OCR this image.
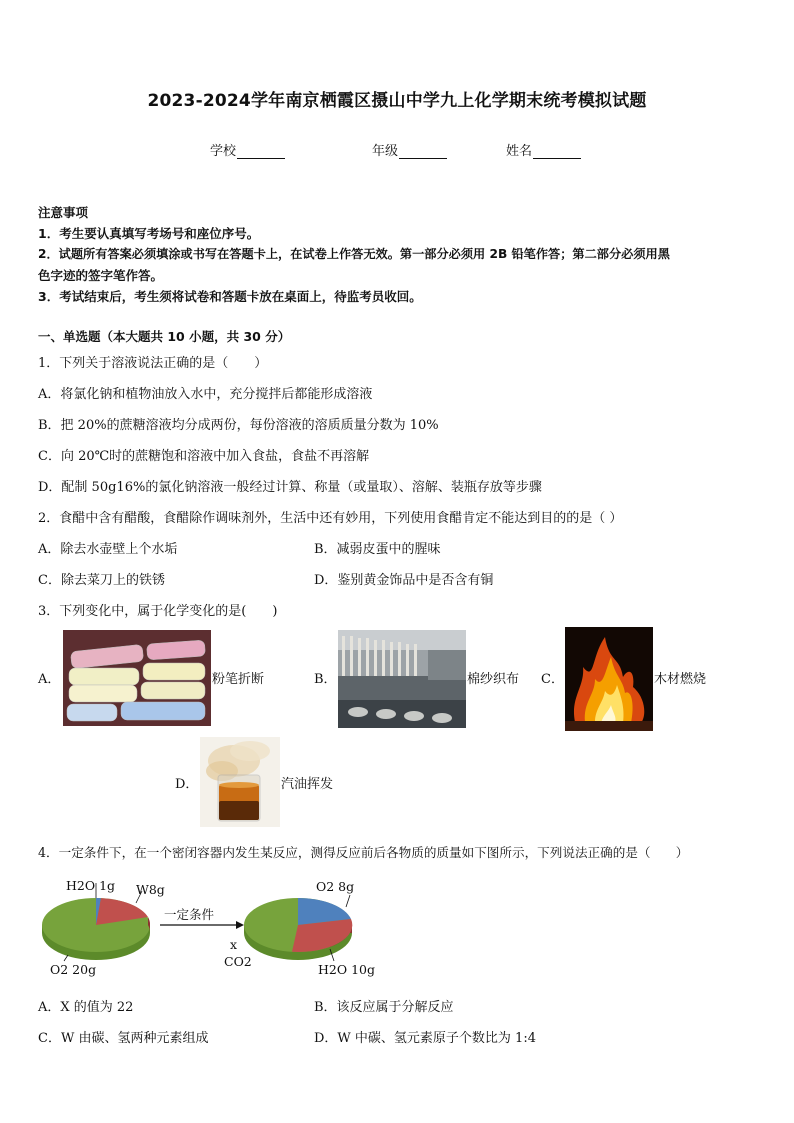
2023-2024学年南京栖霞区摄山中学九上化学期末统考模拟试题
学校	年级	姓名
注意事项
1．考生要认真填写考场号和座位序号。
2．试题所有答案必须填涂或书写在答题卡上，在试卷上作答无效。第一部分必须用 2B 铅笔作答；第二部分必须用黑
色字迹的签字笔作答。
3．考试结束后，考生须将试卷和答题卡放在桌面上，待监考员收回。
一、单选题（本大题共 10 小题，共 30 分）
1．下列关于溶液说法正确的是（　　）
A．将氯化钠和植物油放入水中，充分搅拌后都能形成溶液
B．把 20%的蔗糖溶液均分成两份，每份溶液的溶质质量分数为 10%
C．向 20℃时的蔗糖饱和溶液中加入食盐，食盐不再溶解
D．配制 50g16%的氯化钠溶液一般经过计算、称量（或量取）、溶解、装瓶存放等步骤
2．食醋中含有醋酸，食醋除作调味剂外，生活中还有妙用，下列使用食醋肯定不能达到目的的是（ ）
A．除去水壶壁上个水垢	B．减弱皮蛋中的腥味
C．除去菜刀上的铁锈	D．鉴别黄金饰品中是否含有铜
3．下列变化中，属于化学变化的是(　　)
A．	粉笔折断	B．	棉纱织布 C．	木材燃烧
D．	汽油挥发
4．一定条件下，在一个密闭容器内发生某反应，测得反应前后各物质的质量如下图所示，下列说法正确的是（　　）
H2O 1g W8g
O2 20g
一定条件
O2 8g
x
CO2
H2O 10g
A．X 的值为 22	B．该反应属于分解反应
C．W 由碳、氢两种元素组成	D．W 中碳、氢元素原子个数比为 1:4
